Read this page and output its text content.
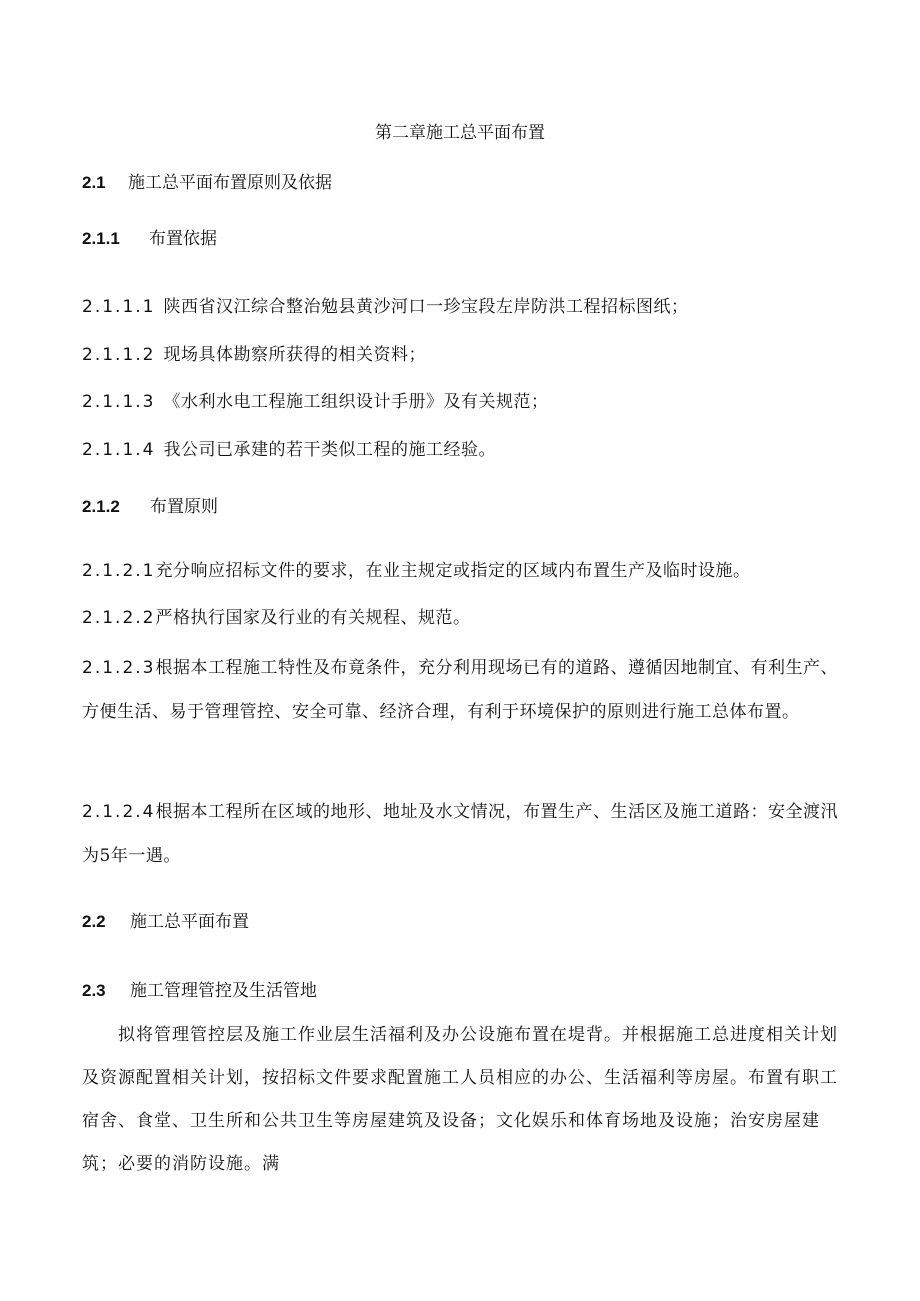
第二章施工总平面布置
2.1 施工总平面布置原则及依据
2.1.1 布置依据
2.1.1.1 陕西省汉江综合整治勉县黄沙河口一珍宝段左岸防洪工程招标图纸；
2.1.1.2 现场具体勘察所获得的相关资料；
2.1.1.3 《水利水电工程施工组织设计手册》及有关规范；
2.1.1.4 我公司已承建的若干类似工程的施工经验。
2.1.2 布置原则
2.1.2.1充分响应招标文件的要求，在业主规定或指定的区域内布置生产及临时设施。
2.1.2.2严格执行国家及行业的有关规程、规范。
2.1.2.3根据本工程施工特性及布竟条件，充分利用现场已有的道路、遵循因地制宜、有利生产、方便生活、易于管理管控、安全可靠、经济合理，有利于环境保护的原则进行施工总体布置。
2.1.2.4根据本工程所在区域的地形、地址及水文情况，布置生产、生活区及施工道路：安全渡汛为5年一遇。
2.2 施工总平面布置
2.3 施工管理管控及生活管地
拟将管理管控层及施工作业层生活福利及办公设施布置在堤背。并根据施工总进度相关计划及资源配置相关计划，按招标文件要求配置施工人员相应的办公、生活福利等房屋。布置有职工宿舍、食堂、卫生所和公共卫生等房屋建筑及设备；文化娱乐和体育场地及设施；治安房屋建筑；必要的消防设施。满
